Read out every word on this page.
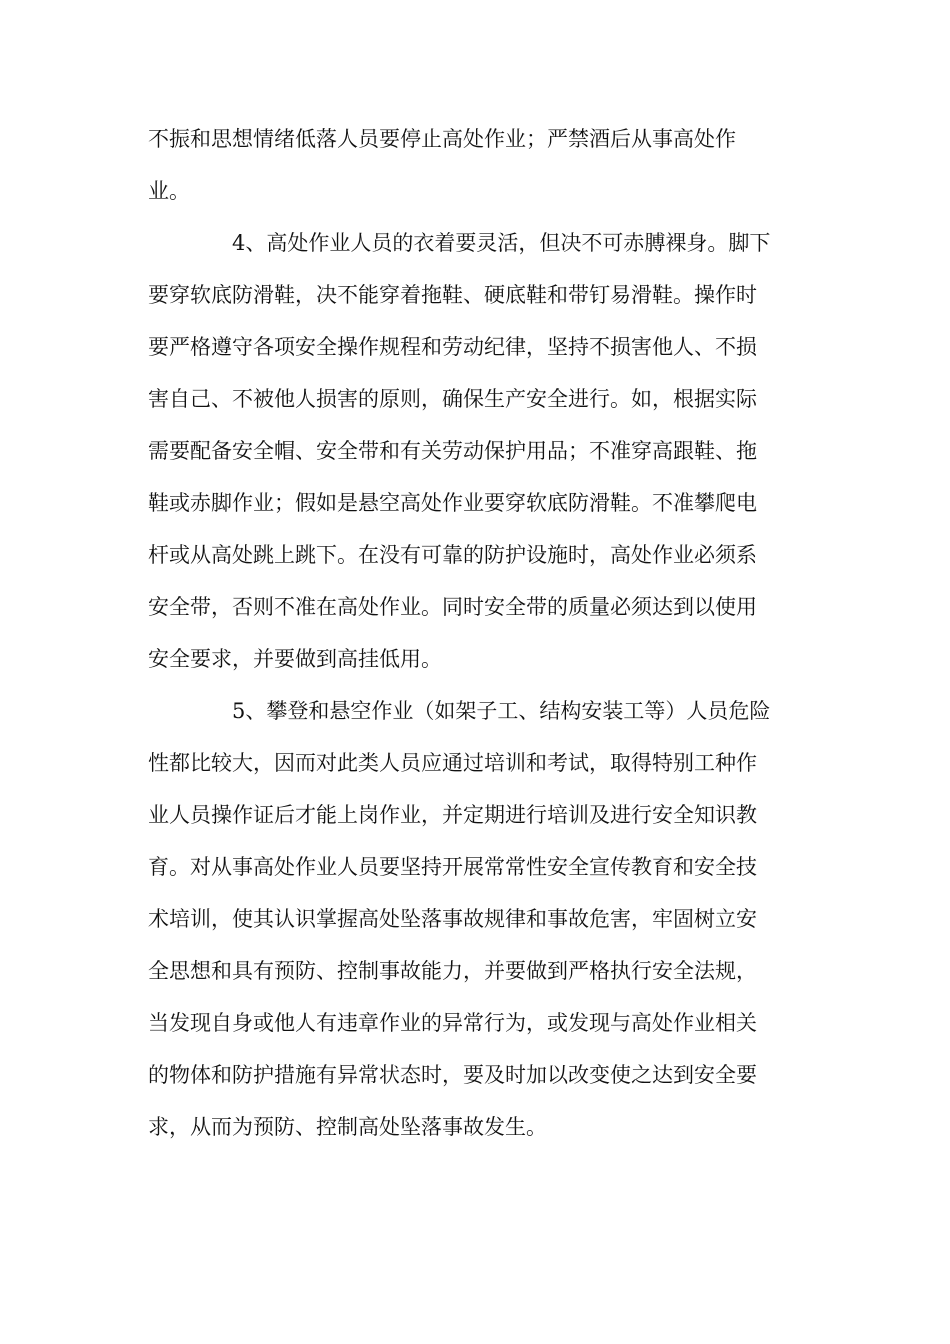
不振和思想情绪低落人员要停止高处作业；严禁酒后从事高处作
业。
4、高处作业人员的衣着要灵活，但决不可赤膊裸身。脚下
要穿软底防滑鞋，决不能穿着拖鞋、硬底鞋和带钉易滑鞋。操作时
要严格遵守各项安全操作规程和劳动纪律，坚持不损害他人、不损
害自己、不被他人损害的原则，确保生产安全进行。如，根据实际
需要配备安全帽、安全带和有关劳动保护用品；不准穿高跟鞋、拖
鞋或赤脚作业；假如是悬空高处作业要穿软底防滑鞋。不准攀爬电
杆或从高处跳上跳下。在没有可靠的防护设施时，高处作业必须系
安全带，否则不准在高处作业。同时安全带的质量必须达到以使用
安全要求，并要做到高挂低用。
5、攀登和悬空作业（如架子工、结构安装工等）人员危险
性都比较大，因而对此类人员应通过培训和考试，取得特别工种作
业人员操作证后才能上岗作业，并定期进行培训及进行安全知识教
育。对从事高处作业人员要坚持开展常常性安全宣传教育和安全技
术培训，使其认识掌握高处坠落事故规律和事故危害，牢固树立安
全思想和具有预防、控制事故能力，并要做到严格执行安全法规，
当发现自身或他人有违章作业的异常行为，或发现与高处作业相关
的物体和防护措施有异常状态时，要及时加以改变使之达到安全要
求，从而为预防、控制高处坠落事故发生。
